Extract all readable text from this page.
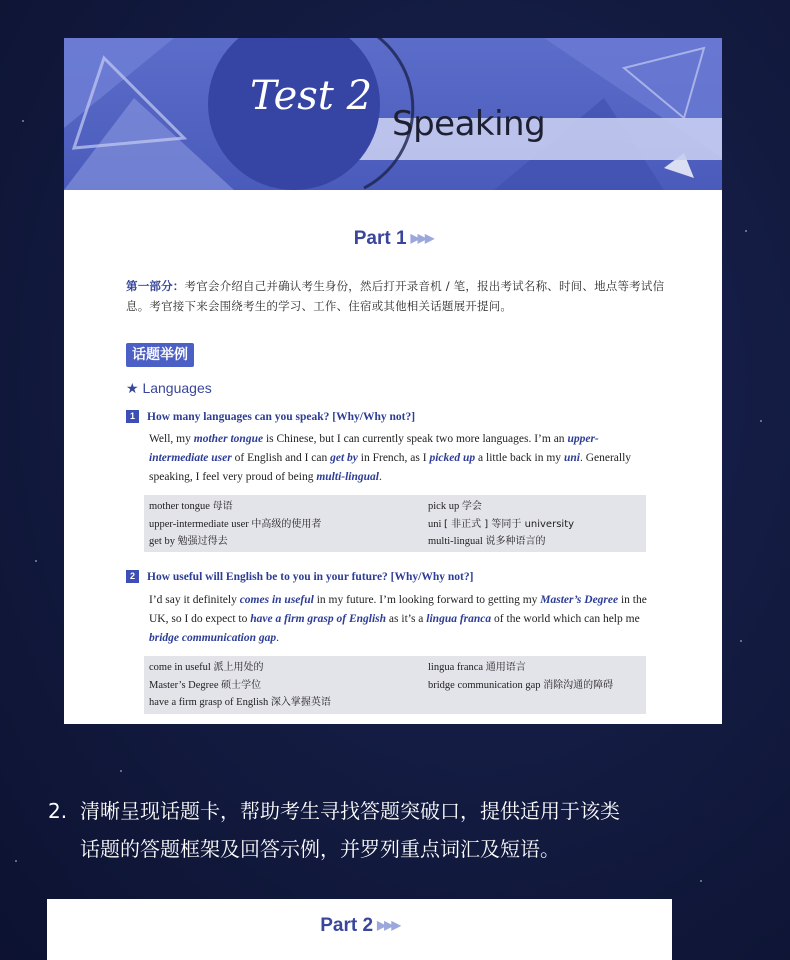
Test 2
Speaking
Part 1 ▶▶▶
第一部分：考官会介绍自己并确认考生身份，然后打开录音机 / 笔，报出考试名称、时间、地点等考试信息。考官接下来会围绕考生的学习、工作、住宿或其他相关话题展开提问。
话题举例
★ Languages
1 How many languages can you speak? [Why/Why not?]
Well, my mother tongue is Chinese, but I can currently speak two more languages. I’m an upper-intermediate user of English and I can get by in French, as I picked up a little back in my uni. Generally speaking, I feel very proud of being multi-lingual.
mother tongue 母语
upper-intermediate user 中高级的使用者
get by 勉强过得去
pick up 学会
uni [ 非正式 ] 等同于 university
multi-lingual 说多种语言的
2 How useful will English be to you in your future? [Why/Why not?]
I’d say it definitely comes in useful in my future. I’m looking forward to getting my Master’s Degree in the UK, so I do expect to have a firm grasp of English as it’s a lingua franca of the world which can help me bridge communication gap.
come in useful 派上用处的
Master’s Degree 硕士学位
have a firm grasp of English 深入掌握英语
lingua franca 通用语言
bridge communication gap 消除沟通的障碍
2. 清晰呈现话题卡，帮助考生寻找答题突破口，提供适用于该类
话题的答题框架及回答示例，并罗列重点词汇及短语。
Part 2 ▶▶▶
